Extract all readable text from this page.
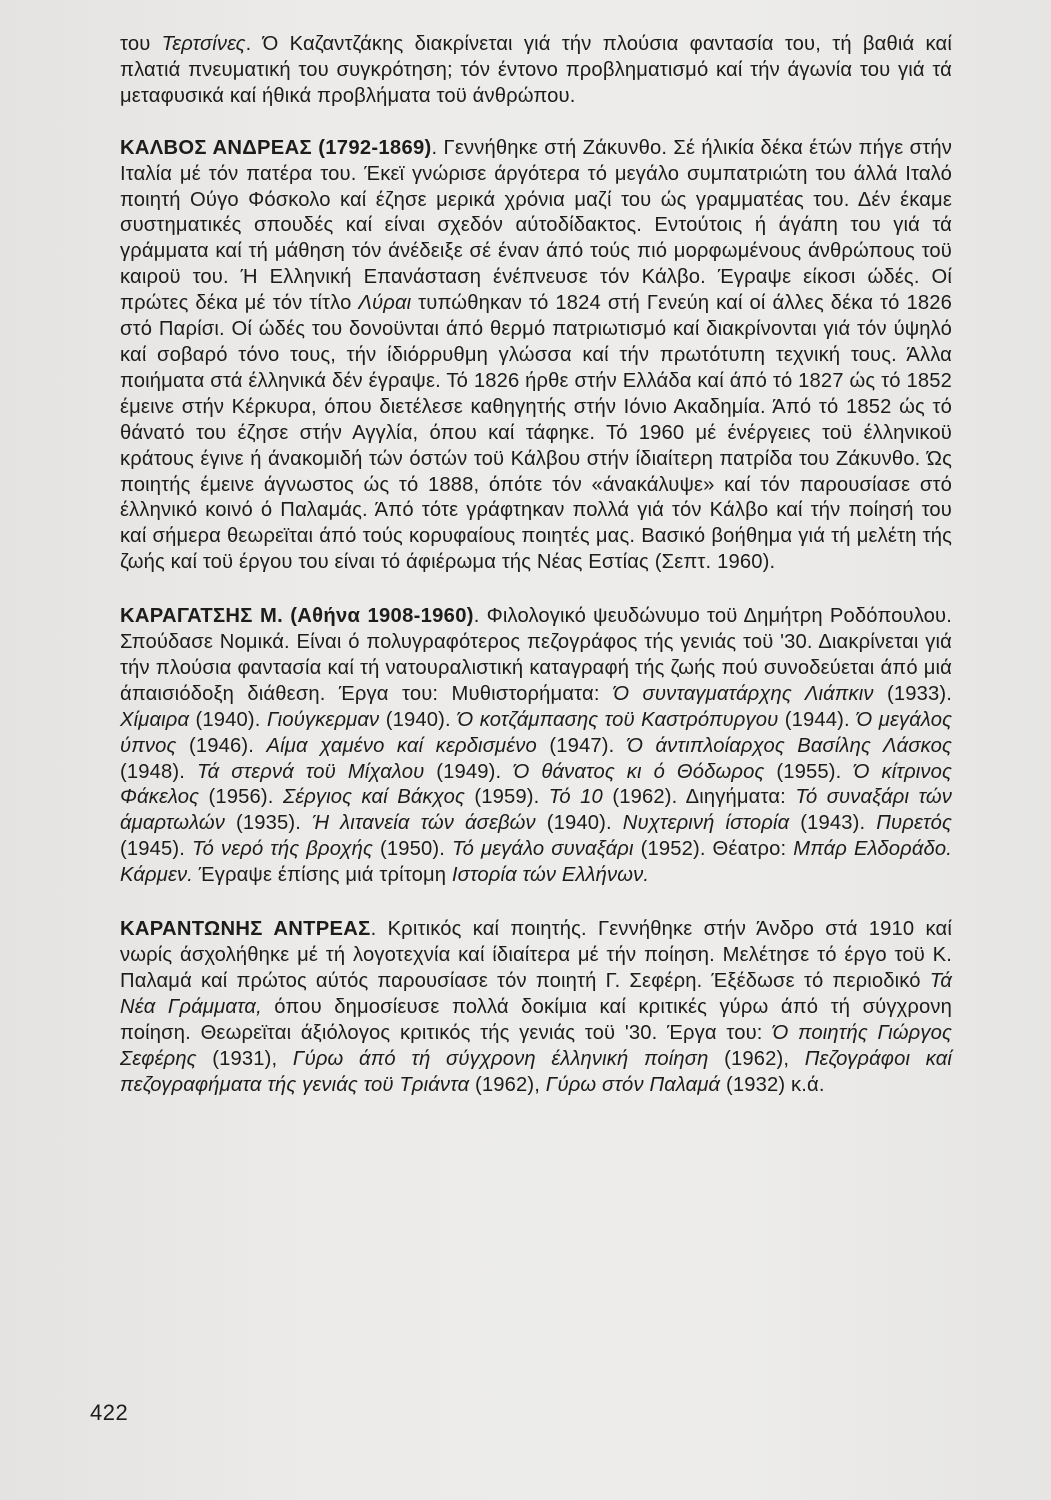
του Τερτσίνες. Ό Καζαντζάκης διακρίνεται γιά τήν πλούσια φαντασία του, τή βαθιά καί πλατιά πνευματική του συγκρότηση; τόν έντονο προβληματισμό καί τήν άγωνία του γιά τά μεταφυσικά καί ήθικά προβλήματα τοϋ άνθρώπου.

ΚΑΛΒΟΣ ΑΝΔΡΕΑΣ (1792-1869). Γεννήθηκε στή Ζάκυνθο. Σέ ήλικία δέκα έτών πήγε στήν Ιταλία μέ τόν πατέρα του. Έκεϊ γνώρισε άργότερα τό μεγάλο συμπατριώτη του άλλά Ιταλό ποιητή Ούγο Φόσκολο καί έζησε μερικά χρόνια μαζί του ώς γραμματέας του. Δέν έκαμε συστηματικές σπουδές καί είναι σχεδόν αύτοδίδακτος. Εντούτοις ή άγάπη του γιά τά γράμματα καί τή μάθηση τόν άνέδειξε σέ έναν άπό τούς πιό μορφωμένους άνθρώπους τοϋ καιροϋ του. Ή Ελληνική Επανάσταση ένέπνευσε τόν Κάλβο. Έγραψε είκοσι ώδές. Οί πρώτες δέκα μέ τόν τίτλο Λύραι τυπώθηκαν τό 1824 στή Γενεύη καί οί άλλες δέκα τό 1826 στό Παρίσι. Οί ώδές του δονοϋνται άπό θερμό πατριωτισμό καί διακρίνονται γιά τόν ύψηλό καί σοβαρό τόνο τους, τήν ίδιόρρυθμη γλώσσα καί τήν πρωτότυπη τεχνική τους. Άλλα ποιήματα στά έλληνικά δέν έγραψε. Τό 1826 ήρθε στήν Ελλάδα καί άπό τό 1827 ώς τό 1852 έμεινε στήν Κέρκυρα, όπου διετέλεσε καθηγητής στήν Ιόνιο Ακαδημία. Άπό τό 1852 ώς τό θάνατό του έζησε στήν Αγγλία, όπου καί τάφηκε. Τό 1960 μέ ένέργειες τοϋ έλληνικοϋ κράτους έγινε ή άνακομιδή τών όστών τοϋ Κάλβου στήν ίδιαίτερη πατρίδα του Ζάκυνθο. Ώς ποιητής έμεινε άγνωστος ώς τό 1888, όπότε τόν «άνακάλυψε» καί τόν παρουσίασε στό έλληνικό κοινό ό Παλαμάς. Άπό τότε γράφτηκαν πολλά γιά τόν Κάλβο καί τήν ποίησή του καί σήμερα θεωρεϊται άπό τούς κορυφαίους ποιητές μας. Βασικό βοήθημα γιά τή μελέτη τής ζωής καί τοϋ έργου του είναι τό άφιέρωμα τής Νέας Εστίας (Σεπτ. 1960).

ΚΑΡΑΓΑΤΣΗΣ Μ. (Αθήνα 1908-1960). Φιλολογικό ψευδώνυμο τοϋ Δημήτρη Ροδόπουλου. Σπούδασε Νομικά. Είναι ό πολυγραφότερος πεζογράφος τής γενιάς τοϋ '30. Διακρίνεται γιά τήν πλούσια φαντασία καί τή νατουραλιστική καταγραφή τής ζωής πού συνοδεύεται άπό μιά άπαισιόδοξη διάθεση. Έργα του: Μυθιστορήματα: Ό συνταγματάρχης Λιάπκιν (1933). Χίμαιρα (1940). Γιούγκερμαν (1940). Ό κοτζάμπασης τοϋ Καστρόπυργου (1944). Ό μεγάλος ύπνος (1946). Αίμα χαμένο καί κερδισμένο (1947). Ό άντιπλοίαρχος Βασίλης Λάσκος (1948). Τά στερνά τοϋ Μίχαλου (1949). Ό θάνατος κι ό Θόδωρος (1955). Ό κίτρινος Φάκελος (1956). Σέργιος καί Βάκχος (1959). Τό 10 (1962). Διηγήματα: Τό συναξάρι τών άμαρτωλών (1935). Ή λιτανεία τών άσεβών (1940). Νυχτερινή ίστορία (1943). Πυρετός (1945). Τό νερό τής βροχής (1950). Τό μεγάλο συναξάρι (1952). Θέατρο: Μπάρ Ελδοράδο. Κάρμεν. Έγραψε έπίσης μιά τρίτομη Ιστορία τών Ελλήνων.

ΚΑΡΑΝΤΩΝΗΣ ΑΝΤΡΕΑΣ. Κριτικός καί ποιητής. Γεννήθηκε στήν Άνδρο στά 1910 καί νωρίς άσχολήθηκε μέ τή λογοτεχνία καί ίδιαίτερα μέ τήν ποίηση. Μελέτησε τό έργο τοϋ Κ. Παλαμά καί πρώτος αύτός παρουσίασε τόν ποιητή Γ. Σεφέρη. Έξέδωσε τό περιοδικό Τά Νέα Γράμματα, όπου δημοσίευσε πολλά δοκίμια καί κριτικές γύρω άπό τή σύγχρονη ποίηση. Θεωρεϊται άξιόλογος κριτικός τής γενιάς τοϋ '30. Έργα του: Ό ποιητής Γιώργος Σεφέρης (1931), Γύρω άπό τή σύγχρονη έλληνική ποίηση (1962), Πεζογράφοι καί πεζογραφήματα τής γενιάς τοϋ Τριάντα (1962), Γύρω στόν Παλαμά (1932) κ.ά.

422
